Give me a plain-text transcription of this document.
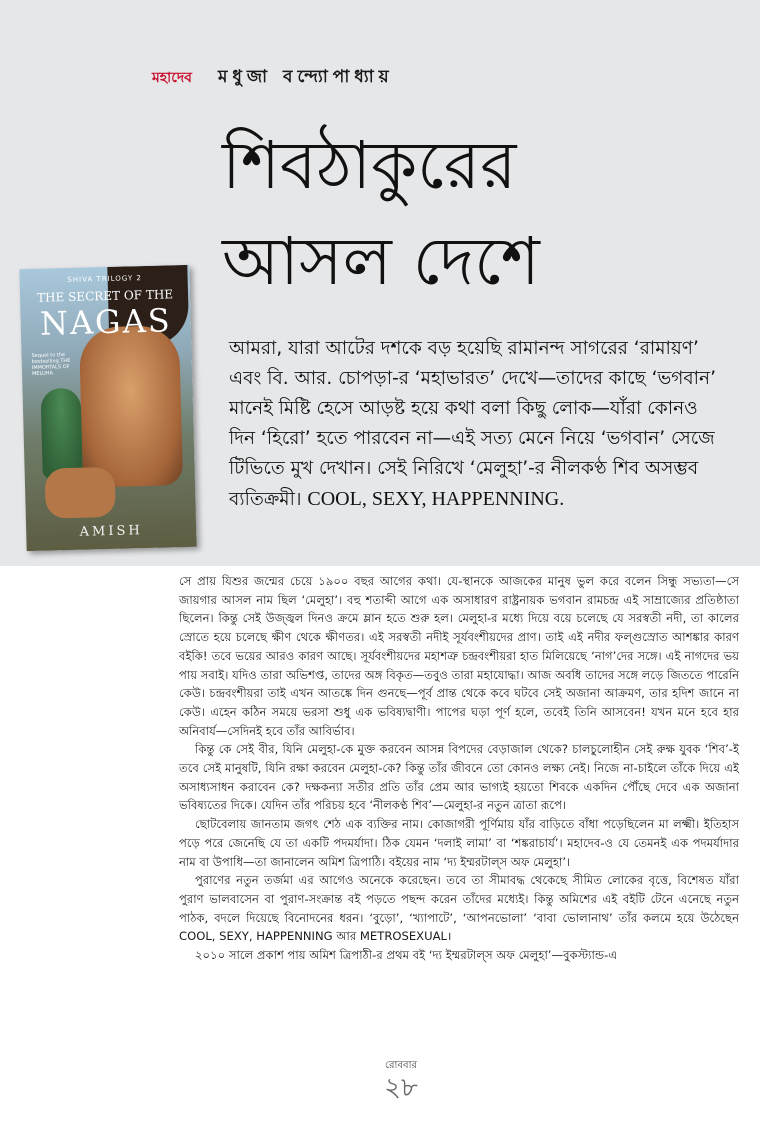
মহাদেব মধুজা বন্দ্যোপাধ্যায়
শিবঠাকুরের
আসল দেশে
SHIVA TRILOGY 2
THE SECRET OF THE
NAGAS
Sequel to the bestselling THE IMMORTALS OF MELUHA
AMISH

আমরা, যারা আটের দশকে বড় হয়েছি রামানন্দ সাগরের ‘রামায়ণ’ এবং বি. আর. চোপড়া-র ‘মহাভারত’ দেখে—তাদের কাছে ‘ভগবান’ মানেই মিষ্টি হেসে আড়ষ্ট হয়ে কথা বলা কিছু লোক—যাঁরা কোনও দিন ‘হিরো’ হতে পারবেন না—এই সত্য মেনে নিয়ে ‘ভগবান’ সেজে টিভিতে মুখ দেখান। সেই নিরিখে ‘মেলুহা’-র নীলকণ্ঠ শিব অসম্ভব ব্যতিক্রমী। COOL, SEXY, HAPPENNING.

সে প্রায় যিশুর জন্মের চেয়ে ১৯০০ বছর আগের কথা। যে-স্থানকে আজকের মানুষ ভুল করে বলেন সিন্ধু সভ্যতা—সে জায়গার আসল নাম ছিল ‘মেলুহা’। বহু শতাব্দী আগে এক অসাধারণ রাষ্ট্রনায়ক ভগবান রামচন্দ্র এই সাম্রাজ্যের প্রতিষ্ঠাতা ছিলেন। কিন্তু সেই উজ্জ্বল দিনও ক্রমে ম্লান হতে শুরু হল। মেলুহা-র মধ্যে দিয়ে বয়ে চলেছে যে সরস্বতী নদী, তা কালের স্রোতে হয়ে চলেছে ক্ষীণ থেকে ক্ষীণতর। এই সরস্বতী নদীই সূর্যবংশীয়দের প্রাণ। তাই এই নদীর ফল্গুস্রোত আশঙ্কার কারণ বইকি! তবে ভয়ের আরও কারণ আছে। সূর্যবংশীয়দের মহাশত্রু চন্দ্রবংশীয়রা হাত মিলিয়েছে ‘নাগ’দের সঙ্গে। এই নাগদের ভয় পায় সবাই। যদিও তারা অভিশপ্ত, তাদের অঙ্গ বিকৃত—তবুও তারা মহাযোদ্ধা। আজ অবধি তাদের সঙ্গে লড়ে জিততে পারেনি কেউ। চন্দ্রবংশীয়রা তাই এখন আতঙ্কে দিন গুনছে—পূর্ব প্রান্ত থেকে কবে ঘটবে সেই অজানা আক্রমণ, তার হদিশ জানে না কেউ। এহেন কঠিন সময়ে ভরসা শুধু এক ভবিষ্যদ্বাণী। পাপের ঘড়া পূর্ণ হলে, তবেই তিনি আসবেন! যখন মনে হবে হার অনিবার্য—সেদিনই হবে তাঁর আবির্ভাব।

কিন্তু কে সেই বীর, যিনি মেলুহা-কে মুক্ত করবেন আসন্ন বিপদের বেড়াজাল থেকে? চালচুলোহীন সেই রুক্ষ যুবক ‘শিব’-ই তবে সেই মানুষটি, যিনি রক্ষা করবেন মেলুহা-কে? কিন্তু তাঁর জীবনে তো কোনও লক্ষ্য নেই। নিজে না-চাইলে তাঁকে দিয়ে এই অসাধ্যসাধন করাবেন কে? দক্ষকন্যা সতীর প্রতি তাঁর প্রেম আর ভাগ্যই হয়তো শিবকে একদিন পৌঁছে দেবে এক অজানা ভবিষ্যতের দিকে। যেদিন তাঁর পরিচয় হবে ‘নীলকণ্ঠ শিব’—মেলুহা-র নতুন ত্রাতা রূপে।

ছোটবেলায় জানতাম জগৎ শেঠ এক ব্যক্তির নাম। কোজাগরী পূর্ণিমায় যাঁর বাড়িতে বাঁধা পড়েছিলেন মা লক্ষ্মী। ইতিহাস পড়ে পরে জেনেছি যে তা একটি পদমর্যাদা। ঠিক যেমন ‘দলাই লামা’ বা ‘শঙ্করাচার্য’। মহাদেব-ও যে তেমনই এক পদমর্যাদার নাম বা উপাধি—তা জানালেন অমিশ ত্রিপাঠি। বইয়ের নাম ‘দ্য ইম্মরটাল্‌স অফ মেলুহা’।

পুরাণের নতুন তর্জমা এর আগেও অনেকে করেছেন। তবে তা সীমাবদ্ধ থেকেছে সীমিত লোকের বৃত্তে, বিশেষত যাঁরা পুরাণ ভালবাসেন বা পুরাণ-সংক্রান্ত বই পড়তে পছন্দ করেন তাঁদের মধ্যেই। কিন্তু অমিশের এই বইটি টেনে এনেছে নতুন পাঠক, বদলে দিয়েছে বিনোদনের ধরন। ‘বুড়ো’, ‘খ্যাপাটে’, ‘আপনভোলা’ ‘বাবা ভোলানাথ’ তাঁর কলমে হয়ে উঠেছেন COOL, SEXY, HAPPENNING আর METROSEXUAL।

২০১০ সালে প্রকাশ পায় অমিশ ত্রিপাঠী-র প্রথম বই ‘দ্য ইম্মরটাল্‌স অফ মেলুহা’—বুকস্ট্যান্ড-এ

রোববার
২৮
